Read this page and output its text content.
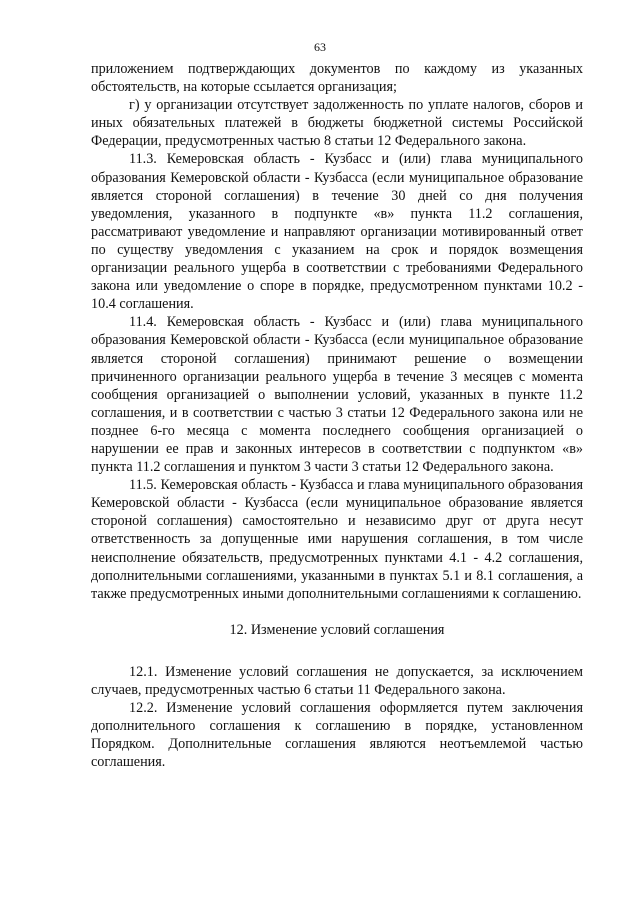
63

приложением подтверждающих документов по каждому из указанных обстоятельств, на которые ссылается организация;

г) у организации отсутствует задолженность по уплате налогов, сборов и иных обязательных платежей в бюджеты бюджетной системы Российской Федерации, предусмотренных частью 8 статьи 12 Федерального закона.

11.3. Кемеровская область - Кузбасс и (или) глава муниципального образования Кемеровской области - Кузбасса (если муниципальное образование является стороной соглашения) в течение 30 дней со дня получения уведомления, указанного в подпункте «в» пункта 11.2 соглашения, рассматривают уведомление и направляют организации мотивированный ответ по существу уведомления с указанием на срок и порядок возмещения организации реального ущерба в соответствии с требованиями Федерального закона или уведомление о споре в порядке, предусмотренном пунктами 10.2 - 10.4 соглашения.

11.4. Кемеровская область - Кузбасс и (или) глава муниципального образования Кемеровской области - Кузбасса (если муниципальное образование является стороной соглашения) принимают решение о возмещении причиненного организации реального ущерба в течение 3 месяцев с момента сообщения организацией о выполнении условий, указанных в пункте 11.2 соглашения, и в соответствии с частью 3 статьи 12 Федерального закона или не позднее 6-го месяца с момента последнего сообщения организацией о нарушении ее прав и законных интересов в соответствии с подпунктом «в» пункта 11.2 соглашения и пунктом 3 части 3 статьи 12 Федерального закона.

11.5. Кемеровская область - Кузбасса и глава муниципального образования Кемеровской области - Кузбасса (если муниципальное образование является стороной соглашения) самостоятельно и независимо друг от друга несут ответственность за допущенные ими нарушения соглашения, в том числе неисполнение обязательств, предусмотренных пунктами 4.1 - 4.2 соглашения, дополнительными соглашениями, указанными в пунктах 5.1 и 8.1 соглашения, а также предусмотренных иными дополнительными соглашениями к соглашению.

12. Изменение условий соглашения

12.1. Изменение условий соглашения не допускается, за исключением случаев, предусмотренных частью 6 статьи 11 Федерального закона.

12.2. Изменение условий соглашения оформляется путем заключения дополнительного соглашения к соглашению в порядке, установленном Порядком. Дополнительные соглашения являются неотъемлемой частью соглашения.
